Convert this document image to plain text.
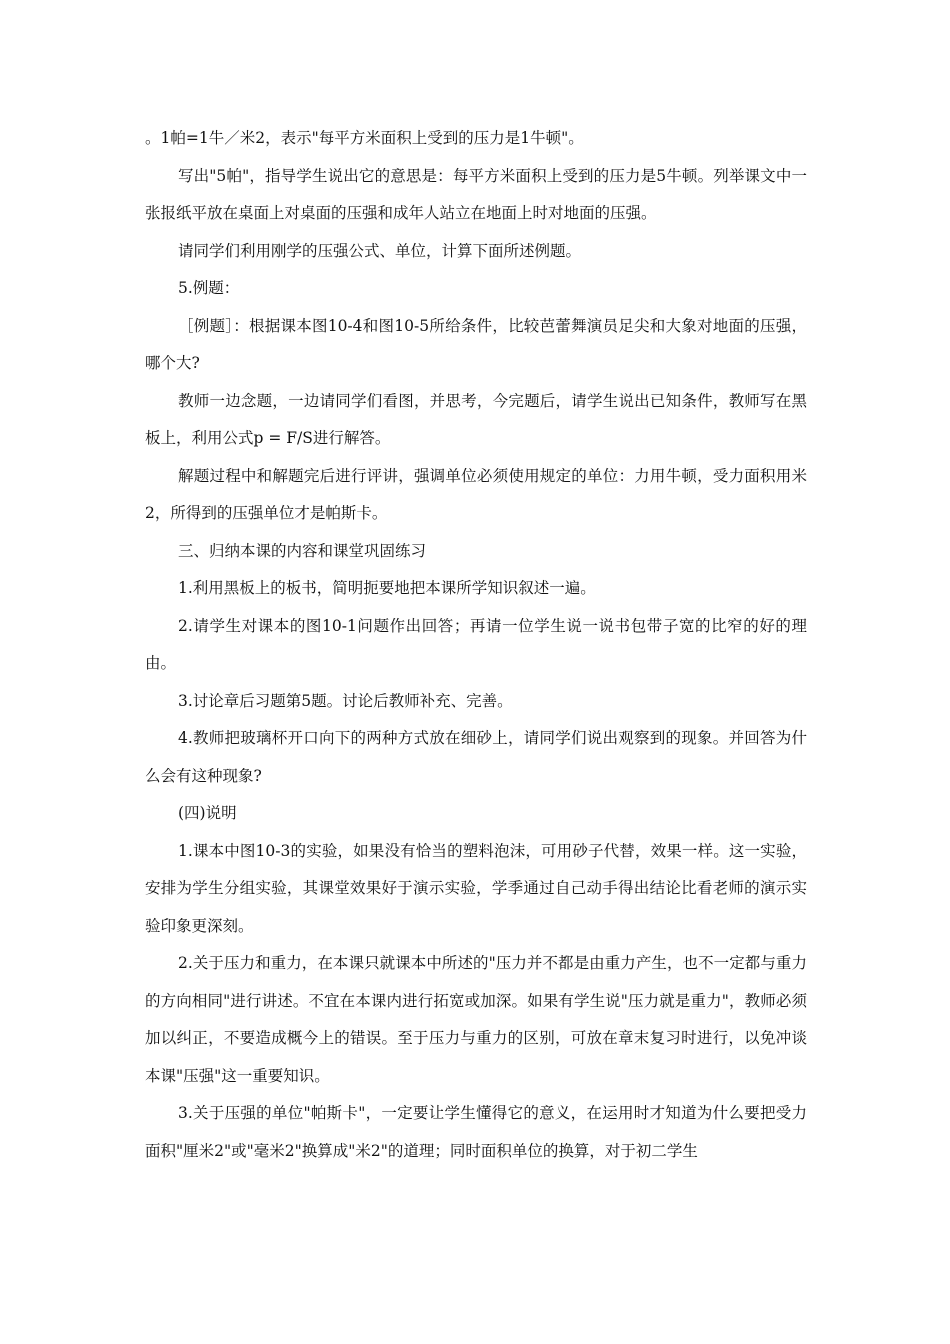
。1帕=1牛／米2，表示"每平方米面积上受到的压力是1牛顿"。

写出"5帕"，指导学生说出它的意思是：每平方米面积上受到的压力是5牛顿。列举课文中一张报纸平放在桌面上对桌面的压强和成年人站立在地面上时对地面的压强。

请同学们利用刚学的压强公式、单位，计算下面所述例题。

5.例题：

［例题］：根据课本图10-4和图10-5所给条件，比较芭蕾舞演员足尖和大象对地面的压强，哪个大?

教师一边念题，一边请同学们看图，并思考，今完题后，请学生说出已知条件，教师写在黑板上，利用公式p = F/S进行解答。

解题过程中和解题完后进行评讲，强调单位必须使用规定的单位：力用牛顿，受力面积用米2，所得到的压强单位才是帕斯卡。

三、归纳本课的内容和课堂巩固练习

1.利用黑板上的板书，简明扼要地把本课所学知识叙述一遍。

2.请学生对课本的图10-1问题作出回答；再请一位学生说一说书包带子宽的比窄的好的理由。

3.讨论章后习题第5题。讨论后教师补充、完善。

4.教师把玻璃杯开口向下的两种方式放在细砂上，请同学们说出观察到的现象。并回答为什么会有这种现象?

(四)说明

1.课本中图10-3的实验，如果没有恰当的塑料泡沫，可用砂子代替，效果一样。这一实验，安排为学生分组实验，其课堂效果好于演示实验，学季通过自己动手得出结论比看老师的演示实验印象更深刻。

2.关于压力和重力，在本课只就课本中所述的"压力并不都是由重力产生，也不一定都与重力的方向相同"进行讲述。不宜在本课内进行拓宽或加深。如果有学生说"压力就是重力"，教师必须加以纠正，不要造成概今上的错误。至于压力与重力的区别，可放在章末复习时进行，以免冲谈本课"压强"这一重要知识。

3.关于压强的单位"帕斯卡"，一定要让学生懂得它的意义，在运用时才知道为什么要把受力面积"厘米2"或"毫米2"换算成"米2"的道理；同时面积单位的换算，对于初二学生
